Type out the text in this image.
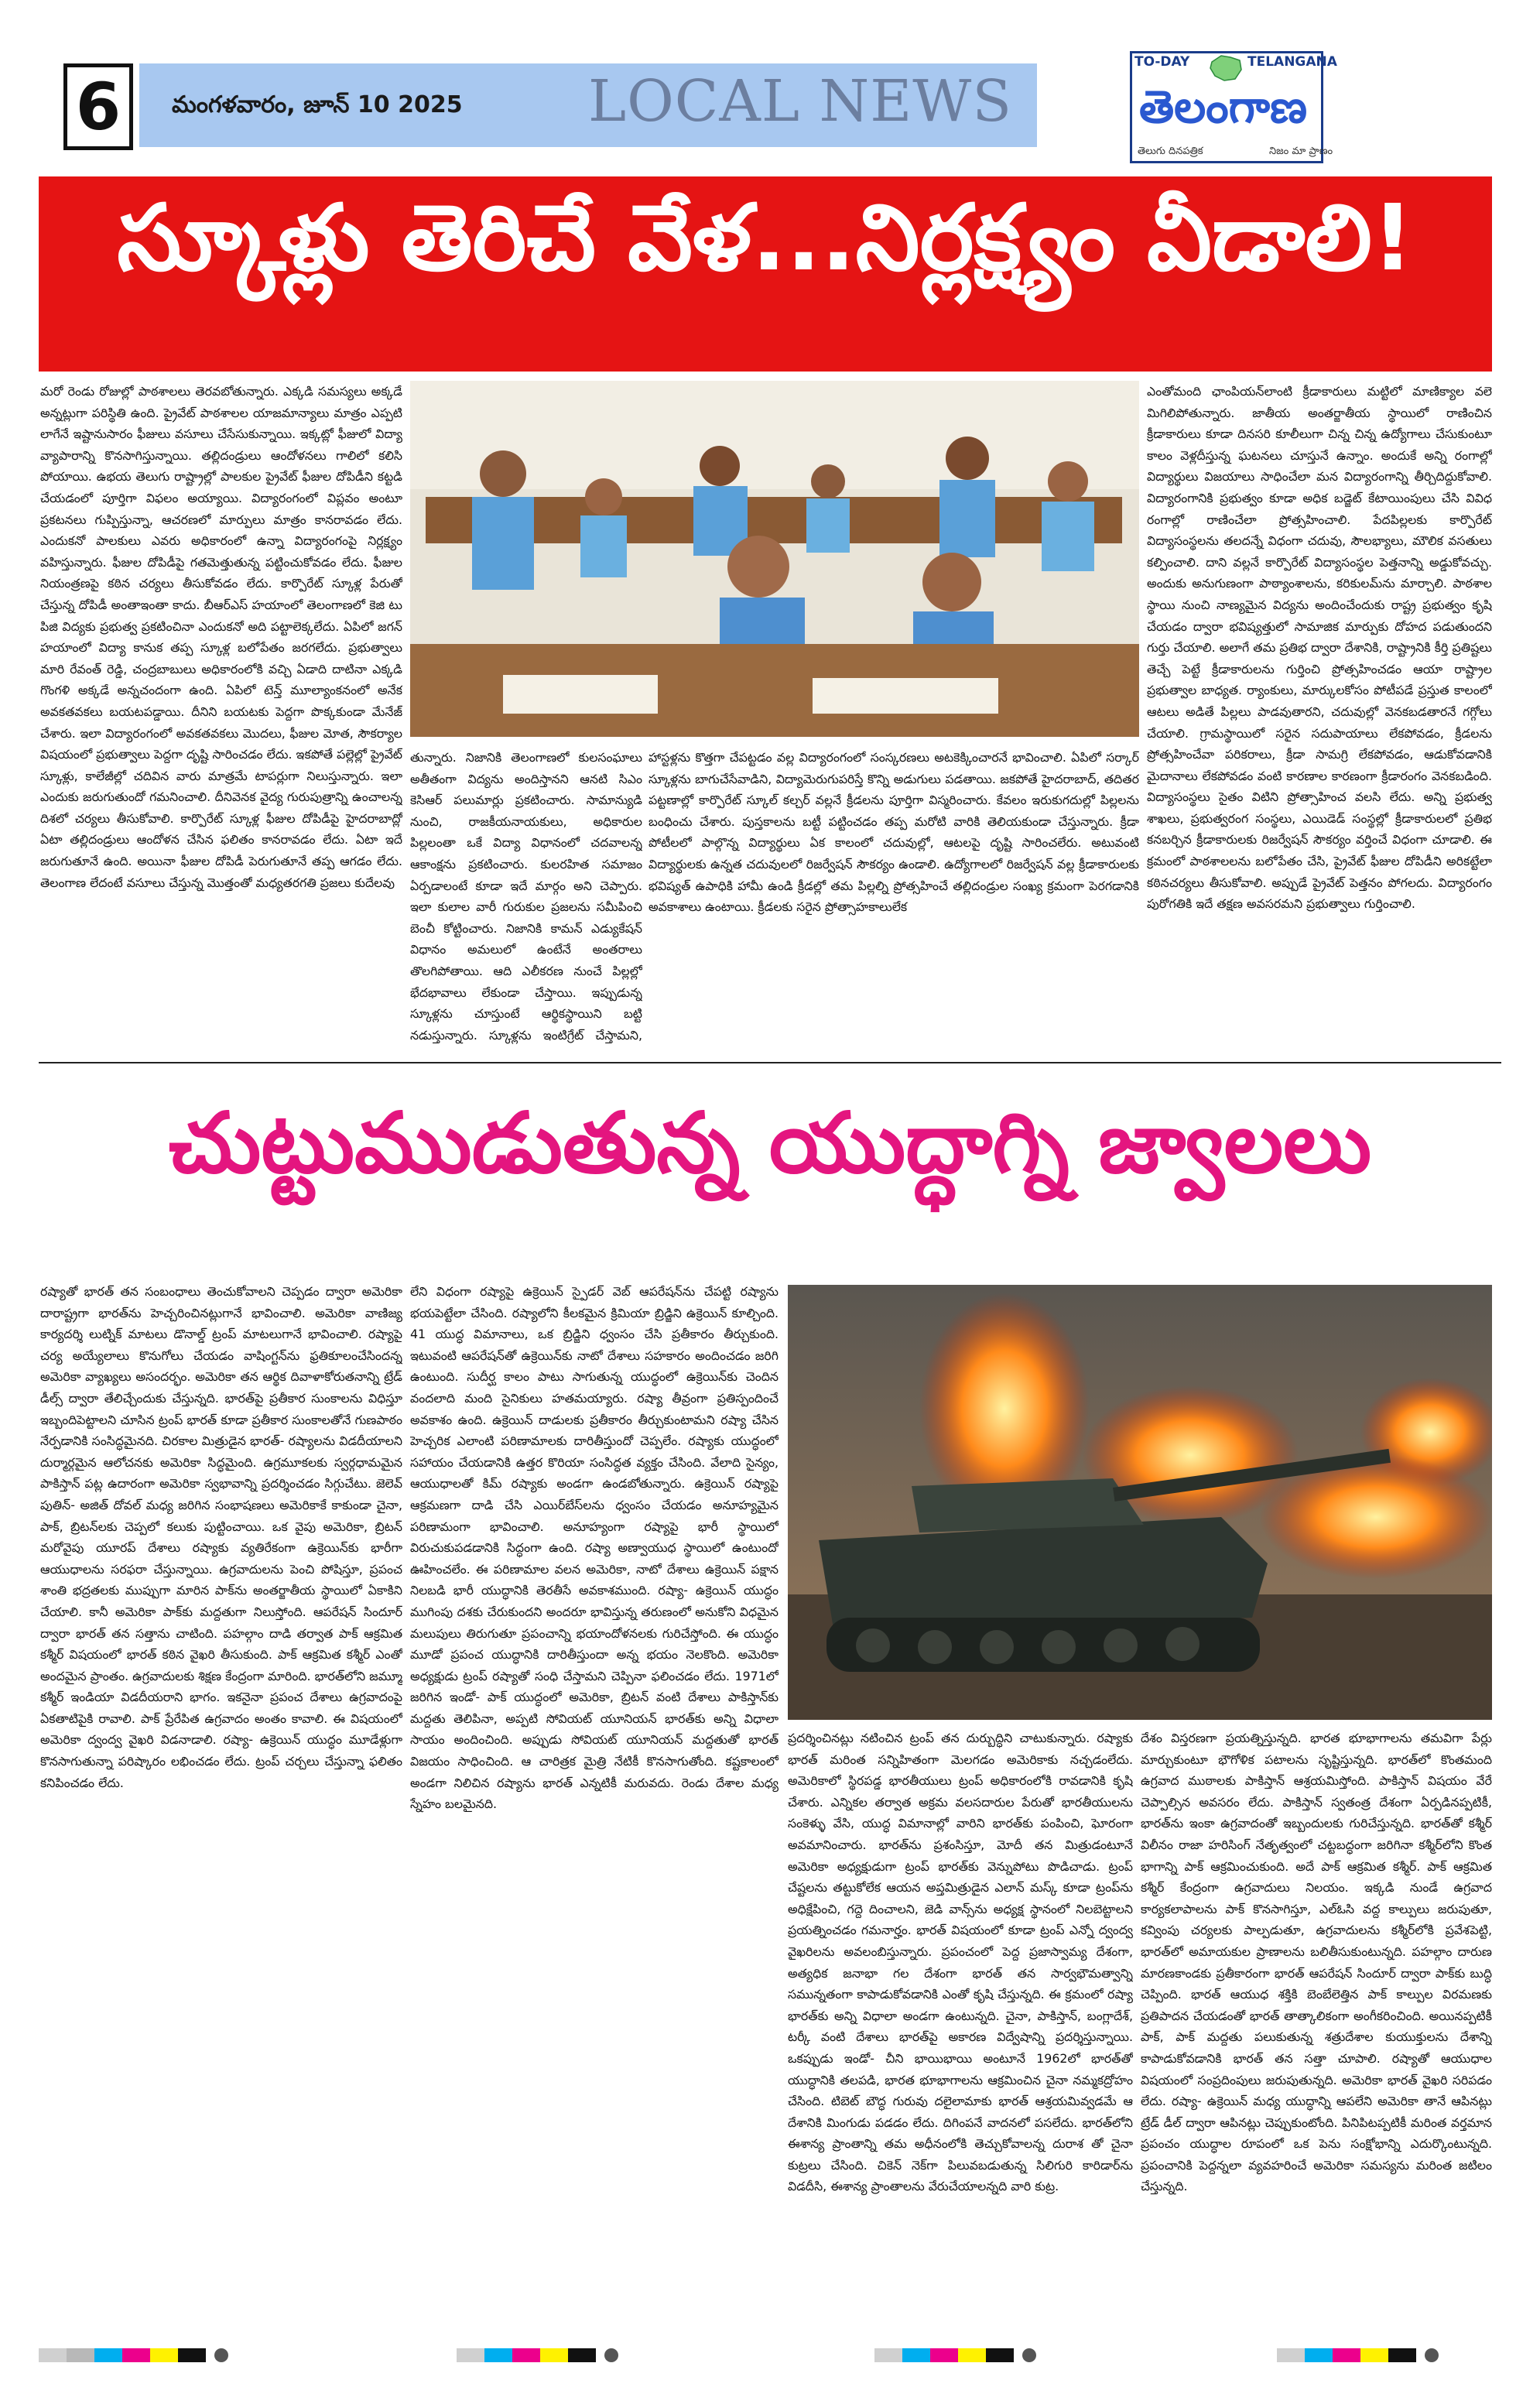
6	మంగళవారం, జూన్ 10 2025 LOCAL NEWS
TO-DAY	TELANGANA
తెలంగాణ
తెలుగు దినపత్రిక	నిజం మా ప్రాణం
స్కూళ్లు తెరిచే వేళ...నిర్లక్ష్యం వీడాలి!
మరో రెండు రోజుల్లో పాఠశాలలు తెరవబోతున్నారు. ఎక్కడి సమస్యలు అక్కడే అన్నట్లుగా పరిస్థితి ఉంది. ప్రైవేట్ పాఠశాలల యాజమాన్యాలు మాత్రం ఎప్పటి లాగేనే ఇష్టానుసారం ఫీజులు వసూలు చేసేసుకున్నాయి. ఇక్కట్లో ఫీజులో విద్యా వ్యాపారాన్ని కొనసాగిస్తున్నాయి. తల్లిదండ్రులు ఆందోళనలు గాలిలో కలిసి పోయాయి. ఉభయ తెలుగు రాష్ట్రాల్లో పాలకుల ప్రైవేట్ ఫీజుల దోపిడీని కట్టడి చేయడంలో పూర్తిగా విఫలం అయ్యాయి. విద్యారంగంలో విప్లవం అంటూ ప్రకటనలు గుప్పిస్తున్నా, ఆచరణలో మార్పులు మాత్రం కానరావడం లేదు. ఎందుకనో పాలకులు ఎవరు అధికారంలో ఉన్నా విద్యారంగంపై నిర్లక్ష్యం వహిస్తున్నారు. ఫీజుల దోపిడీపై గతమెత్తుతున్న పట్టించుకోవడం లేదు. ఫీజుల నియంత్రణపై కఠిన చర్యలు తీసుకోవడం లేదు. కార్పొరేట్ స్కూళ్ల పేరుతో చేస్తున్న దోపిడీ అంతాఇంతా కాదు. బీఆర్ఎస్ హయాంలో తెలంగాణలో కెజి టు పిజి విద్యకు ప్రభుత్వ ప్రకటించినా ఎందుకనో అది పట్టాలెక్కలేదు. ఏపిలో జగన్ హయాంలో విద్యా కానుక తప్ప స్కూళ్ల బలోపేతం జరగలేదు. ప్రభుత్వాలు మారి రేవంత్ రెడ్డి, చంద్రబాబులు అధికారంలోకి వచ్చి ఏడాది దాటినా ఎక్కడి గొంగళి అక్కడే అన్నచందంగా ఉంది. ఏపిలో టెన్త్ మూల్యాంకనంలో అనేక అవకతవకలు బయటపడ్డాయి. దీనిని బయటకు పెద్దగా పొక్కకుండా మేనేజ్ చేశారు. ఇలా విద్యారంగంలో అవకతవకలు మొదలు, ఫీజుల మోత, సౌకర్యాల విషయంలో ప్రభుత్వాలు పెద్దగా దృష్టి సారించడం లేదు. ఇకపోతే పల్లెల్లో ప్రైవేట్ స్కూళ్లు, కాలేజీల్లో చదివిన వారు మాత్రమే టాపర్లుగా నిలుస్తున్నారు. ఇలా ఎందుకు జరుగుతుందో గమనించాలి. దీనివెనక వైద్య గురుపుత్రాన్ని ఉంచాలన్న దిశలో చర్యలు తీసుకోవాలి. కార్పొరేట్ స్కూళ్ల ఫీజుల దోపిడీపై హైదరాబాద్లో ఏటా తల్లిదండ్రులు ఆందోళన చేసిన ఫలితం కానరావడం లేదు. ఏటా ఇదే జరుగుతూనే ఉంది. అయినా ఫీజుల దోపిడీ పెరుగుతూనే తప్ప ఆగడం లేదు. తెలంగాణ లేదంటే వసూలు చేస్తున్న మొత్తంతో మధ్యతరగతి ప్రజలు కుదేలవు
తున్నారు. నిజానికి తెలంగాణలో కులసంఘాలు అతీతంగా విద్యను అందిస్తానని ఆనటి సిఎం కెసిఆర్ పలుమార్లు ప్రకటించారు. సామాన్యుడి నుంచి, రాజకీయనాయకులు, అధికారుల పిల్లలంతా ఒకే విద్యా విధానంలో చదవాలన్న ఆకాంక్షను ప్రకటించారు. కులరహిత సమాజం ఏర్పడాలంటే కూడా ఇదే మార్గం అని చెప్పారు. ఇలా కులాల వారీ గురుకుల ప్రజలను సమీపించి బెంచీ కోట్టించారు. నిజానికి కామన్ ఎడ్యుకేషన్ విధానం అమలులో ఉంటేనే అంతరాలు తొలగిపోతాయి. ఆది ఎలీకరణ నుంచే పిల్లల్లో భేదభావాలు లేకుండా చేస్తాయి. ఇప్పుడున్న స్కూళ్లను చూస్తుంటే ఆర్థికస్థాయిని బట్టి నడుస్తున్నారు. స్కూళ్లను ఇంటిగ్రేట్ చేస్తామని,
హాస్టళ్లను కొత్తగా చేపట్టడం వల్ల విద్యారంగంలో సంస్కరణలు అటకెక్కించారనే భావించాలి. ఏపిలో సర్కార్ స్కూళ్లను బాగుచేసేవాడిని, విద్యామెరుగుపరిస్తే కొన్ని అడుగులు పడతాయి. జకపోతే హైదరాబాద్, తదితర పట్టణాల్లో కార్పొరేట్ స్కూల్ కల్చర్ వల్లనే క్రీడలను పూర్తిగా విస్మరించారు. కేవలం ఇరుకుగదుల్లో పిల్లలను బంధించు చేశారు. పుస్తకాలను బట్టీ పట్టించడం తప్ప మరోటి వారికి తెలియకుండా చేస్తున్నారు. క్రీడా పోటీలలో పాల్గొన్న విద్యార్థులు ఏక కాలంలో చదువుల్లో, ఆటలపై దృష్టి సారించలేరు. అటువంటి విద్యార్థులకు ఉన్నత చదువులలో రిజర్వేషన్ సౌకర్యం ఉండాలి. ఉద్యోగాలలో రిజర్వేషన్ వల్ల క్రీడాకారులకు భవిష్యత్ ఉపాధికి హామీ ఉండి క్రీడల్లో తమ పిల్లల్ని ప్రోత్సహించే తల్లిదండ్రుల సంఖ్య క్రమంగా పెరగడానికి అవకాశాలు ఉంటాయి. క్రీడలకు సరైన ప్రోత్సాహకాలులేక
ఎంతోమంది ఛాంపియన్‌లాంటి క్రీడాకారులు మట్టిలో మాణిక్యాల వలె మిగిలిపోతున్నారు. జాతీయ అంతర్జాతీయ స్థాయిలో రాణించిన క్రీడాకారులు కూడా దినసరి కూలీలుగా చిన్న చిన్న ఉద్యోగాలు చేసుకుంటూ కాలం వెళ్లదీస్తున్న ఘటనలు చూస్తునే ఉన్నాం. అందుకే అన్ని రంగాల్లో విద్యార్థులు విజయాలు సాధించేలా మన విద్యారంగాన్ని తీర్చిదిద్దుకోవాలి. విద్యారంగానికి ప్రభుత్వం కూడా అధిక బడ్జెట్ కేటాయింపులు చేసి వివిధ రంగాల్లో రాణించేలా ప్రోత్సహించాలి. పేదపిల్లలకు కార్పొరేట్ విద్యాసంస్థలను తలదన్నే విధంగా చదువు, సౌలభ్యాలు, మౌలిక వసతులు కల్పించాలి. దాని వల్లనే కార్పొరేట్ విద్యాసంస్థల పెత్తనాన్ని అడ్డుకోవచ్చు. అందుకు అనుగుణంగా పాఠ్యాంశాలను, కరికులమ్‌ను మార్చాలి. పాఠశాల స్థాయి నుంచి నాణ్యమైన విద్యను అందించేందుకు రాష్ట్ర ప్రభుత్వం కృషి చేయడం ద్వారా భవిష్యత్తులో సామాజిక మార్పుకు దోహద పడుతుందని గుర్తు చేయాలి. అలాగే తమ ప్రతిభ ద్వారా దేశానికి, రాష్ట్రానికి కీర్తి ప్రతిష్టలు తెచ్చే పెట్టే క్రీడాకారులను గుర్తించి ప్రోత్సహించడం ఆయా రాష్ట్రాల ప్రభుత్వాల బాధ్యత. ర్యాంకులు, మార్కులకోసం పోటీపడే ప్రస్తుత కాలంలో ఆటలు అడితే పిల్లలు పాడవుతారని, చదువుల్లో వెనకబడతారనే గగ్గోలు చేయాలి. గ్రామస్థాయిలో సరైన సదుపాయాలు లేకపోవడం, క్రీడలను ప్రోత్సహించేవా పరికరాలు, క్రీడా సామగ్రి లేకపోవడం, ఆడుకోవడానికి మైదానాలు లేకపోవడం వంటి కారణాల కారణంగా క్రీడారంగం వెనకబడింది. విద్యాసంస్థలు సైతం విటిని ప్రోత్సాహించ వలసి లేదు. అన్ని ప్రభుత్వ శాఖలు, ప్రభుత్వరంగ సంస్థలు, ఎయిడెడ్ సంస్థల్లో క్రీడాకారులలో ప్రతిభ కనబర్చిన క్రీడాకారులకు రిజర్వేషన్ సౌకర్యం వర్తించే విధంగా చూడాలి. ఈ క్రమంలో పాఠశాలలను బలోపేతం చేసి, ప్రైవేట్ ఫీజుల దోపిడీని అరికట్టేలా కఠినచర్యలు తీసుకోవాలి. అప్పుడే ప్రైవేట్ పెత్తనం పోగలదు. విద్యారంగం పురోగతికి ఇదే తక్షణ అవసరమని ప్రభుత్వాలు గుర్తించాలి.
చుట్టుముడుతున్న యుద్ధాగ్ని జ్వాలలు
రష్యాతో భారత్ తన సంబంధాలు తెంచుకోవాలని చెప్పడం ద్వారా అమెరికా దారాష్ట్రగా భారత్‌ను హెచ్చరించినట్లుగానే భావించాలి. అమెరికా వాణిజ్య కార్యదర్శి లుట్నిక్ మాటలు డొనాల్డ్ ట్రంప్ మాటలుగానే భావించాలి. రష్యాపై చర్య అయ్యేలాలు కొనుగోలు చేయడం వాషింగ్టన్‌ను ఫ్రతికూలంచేసిందన్న అమెరికా వ్యాఖ్యలు అసందర్భం. అమెరికా తన ఆర్థిక దివాళాకోరుతనాన్ని ట్రేడ్ డీల్స్ ద్వారా తేలిచ్చేందుకు చేస్తున్నది. భారత్‌పై ప్రతీకార సుంకాలను విధిస్తూ ఇబ్బందిపెట్టాలని చూసిన ట్రంప్ భారత్ కూడా ప్రతీకార సుంకాలతోనే గుణపాఠం నేర్పడానికి సంసిద్ధమైనది. చిరకాల మిత్రుడైన భారత్- రష్యాలను విడదీయాలని దుర్మార్గమైన ఆలోచనకు అమెరికా సిద్ధమైంది. ఉగ్రమూకలకు స్వర్గధామమైన పాకిస్తాన్ పట్ల ఉదారంగా అమెరికా స్వభావాన్ని ప్రదర్శించడం సిగ్గుచేటు. జెలెవ్ పుతిన్- అజిత్ దోవల్ మధ్య జరిగిన సంభాషణలు అమెరికాకే కాకుండా చైనా, పాక్, బ్రిటన్‌లకు చెప్పలో కలుకు పుట్టించాయి. ఒక వైపు అమెరికా, బ్రిటన్ మరోవైపు యూరప్ దేశాలు రష్యాకు వ్యతిరేకంగా ఉక్రెయిన్‌కు భారీగా ఆయుధాలను సరఫరా చేస్తున్నాయి. ఉగ్రవాదులను పెంచి పోషిస్తూ, ప్రపంచ శాంతి భద్రతలకు ముప్పుగా మారిన పాక్‌ను అంతర్జాతీయ స్థాయిలో ఏకాకిని చేయాలి. కానీ అమెరికా పాక్‌కు మద్దతుగా నిలుస్తోంది. ఆపరేషన్ సిందూర్ ద్వారా భారత్ తన సత్తాను చాటింది. పహల్గాం దాడి తర్వాత పాక్ ఆక్రమిత కశ్మీర్ విషయంలో భారత్ కఠిన వైఖరి తీసుకుంది. పాక్ ఆక్రమిత కశ్మీర్ ఎంతో అందమైన ప్రాంతం. ఉగ్రవాదులకు శిక్షణ కేంద్రంగా మారింది. భారత్‌లోని జమ్మూ కశ్మీర్ ఇండియా విడదీయరాని భాగం. ఇకనైనా ప్రపంచ దేశాలు ఉగ్రవాదంపై ఏకతాటిపైకి రావాలి. పాక్ ప్రేరేపిత ఉగ్రవాదం అంతం కావాలి. ఈ విషయంలో అమెరికా ద్వంద్వ వైఖరి విడనాడాలి. రష్యా- ఉక్రెయిన్ యుద్ధం మూడేళ్లుగా కొనసాగుతున్నా పరిష్కారం లభించడం లేదు. ట్రంప్ చర్చలు చేస్తున్నా ఫలితం కనిపించడం లేదు.
లేని విధంగా రష్యాపై ఉక్రెయిన్ స్పైడర్ వెబ్ ఆపరేషన్‌ను చేపట్టి రష్యాను భయపెట్టేలా చేసింది. రష్యాలోని కీలకమైన క్రిమియా బ్రిడ్జిని ఉక్రెయిన్ కూల్చింది. 41 యుద్ధ విమానాలు, ఒక బ్రిడ్జిని ధ్వంసం చేసి ప్రతీకారం తీర్చుకుంది. ఇటువంటి ఆపరేషన్‌తో ఉక్రెయిన్‌కు నాటో దేశాలు సహకారం అందించడం జరిగి ఉంటుంది. సుదీర్ఘ కాలం పాటు సాగుతున్న యుద్ధంలో ఉక్రెయిన్‌కు చెందిన వందలాది మంది సైనికులు హతమయ్యారు. రష్యా తీవ్రంగా ప్రతిస్పందించే అవకాశం ఉంది. ఉక్రెయిన్ దాడులకు ప్రతీకారం తీర్చుకుంటామని రష్యా చేసిన హెచ్చరిక ఎలాంటి పరిణామాలకు దారితీస్తుందో చెప్పలేం. రష్యాకు యుద్ధంలో సహాయం చేయడానికి ఉత్తర కొరియా సంసిద్ధత వ్యక్తం చేసింది. వేలాది సైన్యం, ఆయుధాలతో కిమ్ రష్యాకు అండగా ఉండబోతున్నారు. ఉక్రెయిన్ రష్యాపై ఆక్రమణగా దాడి చేసి ఎయిర్‌బేస్‌లను ధ్వంసం చేయడం అనూహ్యమైన పరిణామంగా భావించాలి. అనూహ్యంగా రష్యాపై భారీ స్థాయిలో విరుచుకుపడడానికి సిద్ధంగా ఉంది. రష్యా అణ్వాయుధ స్థాయిలో ఉంటుందో ఊహించలేం. ఈ పరిణామాల వలన అమెరికా, నాటో దేశాలు ఉక్రెయిన్ పక్షాన నిలబడి భారీ యుద్ధానికి తెరతీసే అవకాశముంది. రష్యా- ఉక్రెయిన్ యుద్ధం ముగింపు దశకు చేరుకుందని అందరూ భావిస్తున్న తరుణంలో అనుకోని విధమైన మలుపులు తిరుగుతూ ప్రపంచాన్ని భయాందోళనలకు గురిచేస్తోంది. ఈ యుద్ధం మూడో ప్రపంచ యుద్ధానికి దారితీస్తుందా అన్న భయం నెలకొంది. అమెరికా అధ్యక్షుడు ట్రంప్ రష్యాతో సంధి చేస్తామని చెప్పినా ఫలించడం లేదు. 1971లో జరిగిన ఇండో- పాక్ యుద్ధంలో అమెరికా, బ్రిటన్ వంటి దేశాలు పాకిస్తాన్‌కు మద్దతు తెలిపినా, అప్పటి సోవియట్ యూనియన్ భారత్‌కు అన్ని విధాలా సాయం అందించింది. అప్పుడు సోవియట్ యూనియన్ మద్దతుతో భారత్ విజయం సాధించింది. ఆ చారిత్రక మైత్రి నేటికీ కొనసాగుతోంది. కష్టకాలంలో అండగా నిలిచిన రష్యాను భారత్ ఎన్నటికీ మరువదు. రెండు దేశాల మధ్య స్నేహం బలమైనది.
ప్రదర్శించినట్లు నటించిన ట్రంప్ తన దుర్బుద్ధిని చాటుకున్నారు. రష్యాకు భారత్ మరింత సన్నిహితంగా మెలగడం అమెరికాకు నచ్చడంలేదు. అమెరికాలో స్థిరపడ్డ భారతీయులు ట్రంప్ అధికారంలోకి రావడానికి కృషి చేశారు. ఎన్నికల తర్వాత అక్రమ వలసదారుల పేరుతో భారతీయులను సంకెళ్ళు వేసి, యుద్ధ విమానాల్లో వారిని భారత్‌కు పంపించి, ఘోరంగా అవమానించారు. భారత్‌ను ప్రశంసిస్తూ, మోదీ తన మిత్రుడంటూనే అమెరికా అధ్యక్షుడుగా ట్రంప్ భారత్‌కు వెన్నుపోటు పొడిచాడు. ట్రంప్ చేష్టలను తట్టుకోలేక ఆయన అప్తమిత్రుడైన ఎలాన్ మస్క్ కూడా ట్రంప్‌ను అధిక్షేపించి, గద్దె దించాలని, జెడి వాన్స్‌ను అధ్యక్ష స్థానంలో నిలబెట్టాలని ప్రయత్నించడం గమనార్హం. భారత్ విషయంలో కూడా ట్రంప్ ఎన్నో ద్వంద్వ వైఖరిలను అవలంబిస్తున్నారు. ప్రపంచంలో పెద్ద ప్రజాస్వామ్య దేశంగా, అత్యధిక జనాభా గల దేశంగా భారత్ తన సార్వభౌమత్వాన్ని సమున్నతంగా కాపాడుకోవడానికి ఎంతో కృషి చేస్తున్నది. ఈ క్రమంలో రష్యా భారత్‌కు అన్ని విధాలా అండగా ఉంటున్నది. చైనా, పాకిస్తాన్, బంగ్లాదేశ్, టర్కీ వంటి దేశాలు భారత్‌పై అకారణ విద్వేషాన్ని ప్రదర్శిస్తున్నాయి. ఒకప్పుడు ఇండో- చీని భాయిభాయి అంటూనే 1962లో భారత్‌తో యుద్ధానికి తలపడి, భారత భూభాగాలను ఆక్రమించిన చైనా నమ్మకద్రోహం చేసింది. టిబెట్ బౌద్ధ గురువు దలైలామాకు భారత్ ఆశ్రయమివ్వడమే ఆ దేశానికి మింగుడు పడడం లేదు. దిగింపనే వాదనలో పసలేదు. భారత్‌లోని ఈశాన్య ప్రాంతాన్ని తమ అధీనంలోకి తెచ్చుకోవాలన్న దురాశ తో చైనా కుట్రలు చేసింది. చికెన్ నెక్‌గా పిలువబడుతున్న సిలిగురి కారిడార్‌ను విడదీసి, ఈశాన్య ప్రాంతాలను వేరుచేయాలన్నది వారి కుట్ర.
దేశం విస్తరణగా ప్రయత్నిస్తున్నది. భారత భూభాగాలను తమవిగా పేర్లు మార్చుకుంటూ భౌగోళిక పటాలను సృష్టిస్తున్నది. భారత్‌లో కొంతమంది ఉగ్రవాద ముఠాలకు పాకిస్తాన్ ఆశ్రయమిస్తోంది. పాకిస్తాన్ విషయం వేరే చెప్పాల్సిన అవసరం లేదు. పాకిస్తాన్ స్వతంత్ర దేశంగా ఏర్పడినప్పటికీ, భారత్‌ను ఇంకా ఉగ్రవాదంతో ఇబ్బందులకు గురిచేస్తున్నది. భారత్‌తో కశ్మీర్ విలీనం రాజా హరిసింగ్ నేతృత్వంలో చట్టబద్ధంగా జరిగినా కశ్మీర్‌లోని కొంత భాగాన్ని పాక్ ఆక్రమించుకుంది. అదే పాక్ ఆక్రమిత కశ్మీర్. పాక్ ఆక్రమిత కశ్మీర్ కేంద్రంగా ఉగ్రవాదులు నిలయం. ఇక్కడి నుండే ఉగ్రవాద కార్యకలాపాలను పాక్ కొనసాగిస్తూ, ఎల్ఓసి వద్ద కాల్పులు జరుపుతూ, కవ్వింపు చర్యలకు పాల్పడుతూ, ఉగ్రవాదులను కశ్మీర్‌లోకి ప్రవేశపెట్టి, భారత్‌లో అమాయకుల ప్రాణాలను బలితీసుకుంటున్నది. పహల్గాం దారుణ మారణకాండకు ప్రతీకారంగా భారత్ ఆపరేషన్ సిందూర్ ద్వారా పాక్‌కు బుద్ధి చెప్పింది. భారత్ ఆయుధ శక్తికి బెంబేలెత్తిన పాక్ కాల్పుల విరమణకు ప్రతిపాదన చేయడంతో భారత్ తాత్కాలికంగా అంగీకరించింది. అయినప్పటికీ పాక్, పాక్ మద్దతు పలుకుతున్న శత్రుదేశాల కుయుక్తులను దేశాన్ని కాపాడుకోవడానికి భారత్ తన సత్తా చూపాలి. రష్యాతో ఆయుధాల విషయంలో సంప్రదింపులు జరుపుతున్నది. అమెరికా భారత్ వైఖరి సరిపడం లేదు. రష్యా- ఉక్రెయిన్ మధ్య యుద్ధాన్ని ఆపలేని అమెరికా తానే ఆపినట్లు ట్రేడ్ డీల్ ద్వారా ఆపినట్లు చెప్పుకుంటోంది. పినిపిటప్పటికీ మరింత వర్తమాన ప్రపంచం యుద్ధాల రూపంలో ఒక పెను సంక్షోభాన్ని ఎదుర్కొంటున్నది. ప్రపంచానికి పెద్దన్నలా వ్యవహరించే అమెరికా సమస్యను మరింత జటిలం చేస్తున్నది.
